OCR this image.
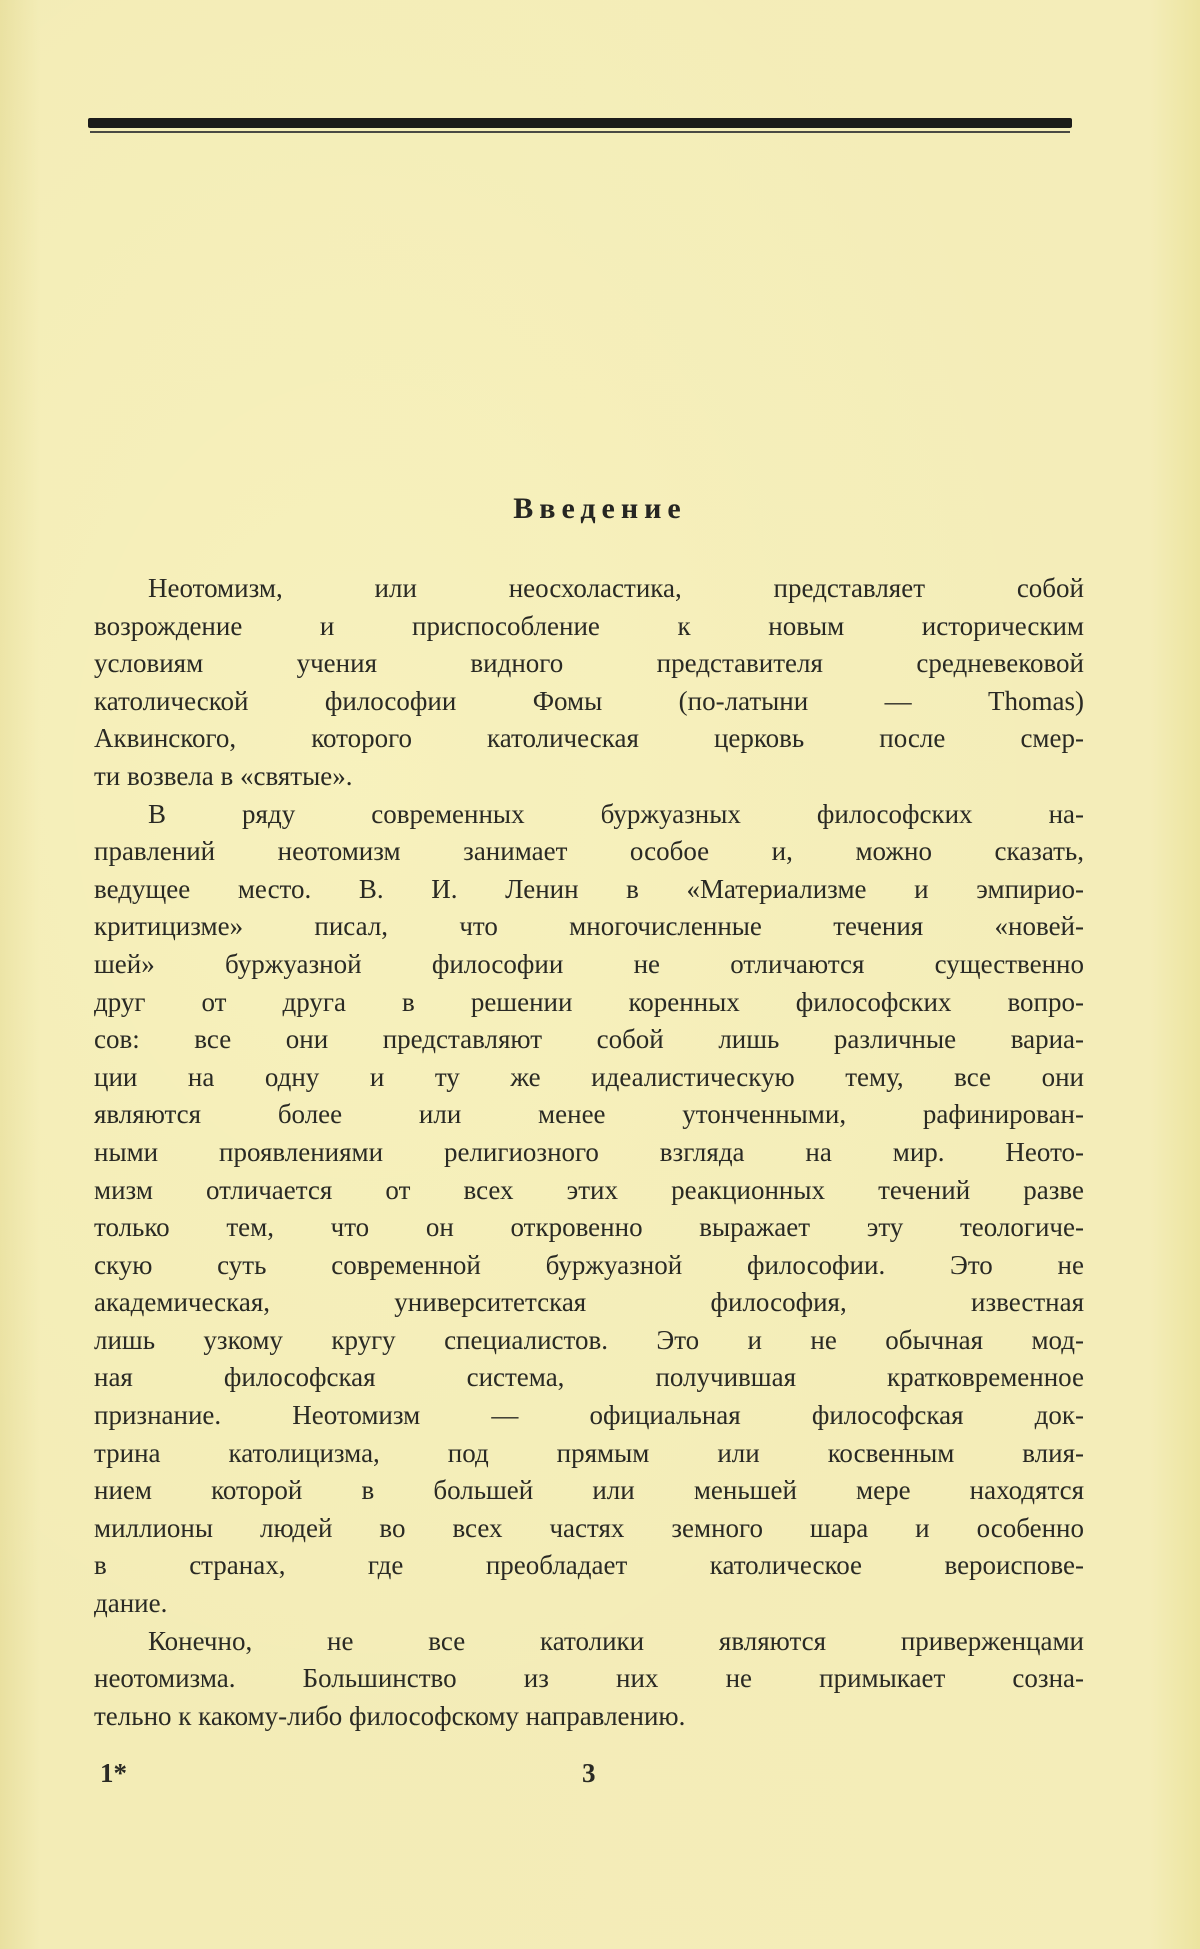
Введение
Неотомизм, или неосхоластика, представляет собой
возрождение и приспособление к новым историческим
условиям учения видного представителя средневековой
католической философии Фомы (по-латыни — Thomas)
Аквинского, которого католическая церковь после смер-
ти возвела в «святые».
В ряду современных буржуазных философских на-
правлений неотомизм занимает особое и, можно сказать,
ведущее место. В. И. Ленин в «Материализме и эмпирио-
критицизме» писал, что многочисленные течения «новей-
шей» буржуазной философии не отличаются существенно
друг от друга в решении коренных философских вопро-
сов: все они представляют собой лишь различные вариа-
ции на одну и ту же идеалистическую тему, все они
являются более или менее утонченными, рафинирован-
ными проявлениями религиозного взгляда на мир. Неото-
мизм отличается от всех этих реакционных течений разве
только тем, что он откровенно выражает эту теологиче-
скую суть современной буржуазной философии. Это не
академическая, университетская философия, известная
лишь узкому кругу специалистов. Это и не обычная мод-
ная философская система, получившая кратковременное
признание. Неотомизм — официальная философская док-
трина католицизма, под прямым или косвенным влия-
нием которой в большей или меньшей мере находятся
миллионы людей во всех частях земного шара и особенно
в странах, где преобладает католическое вероиспове-
дание.
Конечно, не все католики являются приверженцами
неотомизма. Большинство из них не примыкает созна-
тельно к какому-либо философскому направлению.
1*	3
